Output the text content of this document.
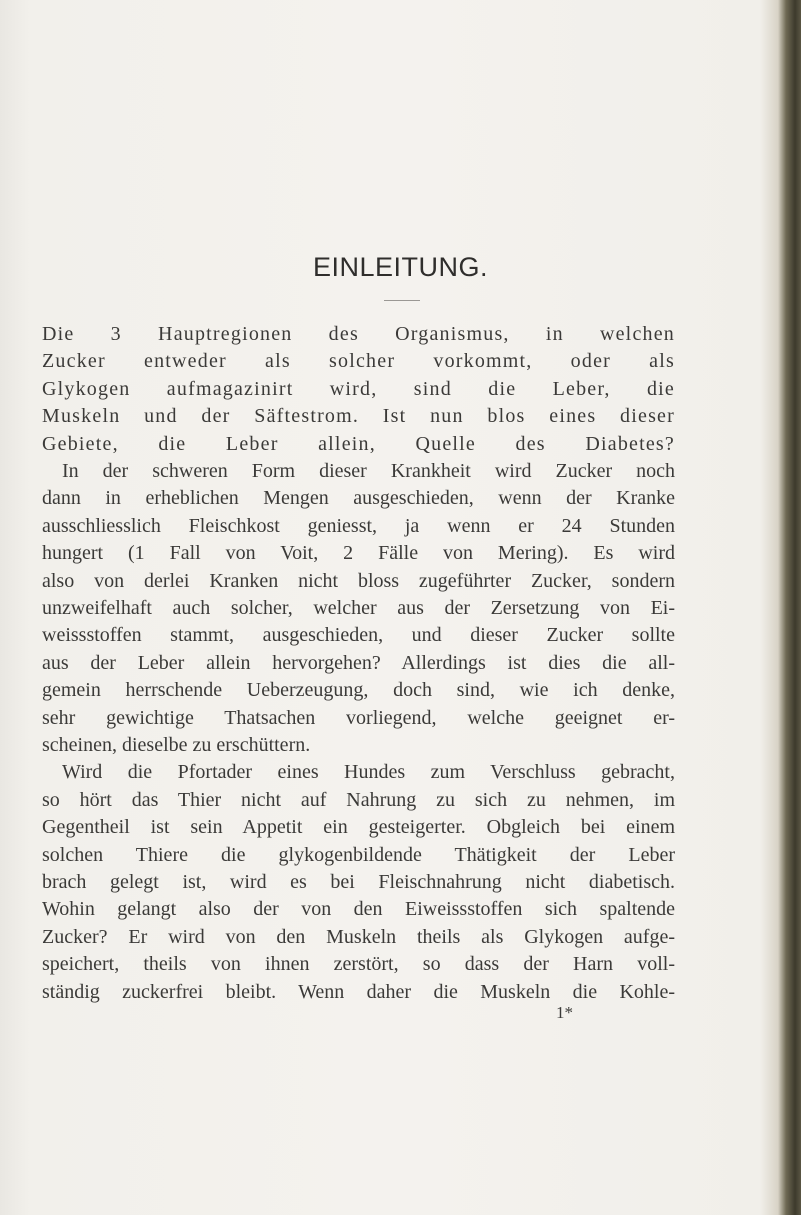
EINLEITUNG.
Die 3 Hauptregionen des Organismus, in welchen
Zucker entweder als solcher vorkommt, oder als
Glykogen aufmagazinirt wird, sind die Leber, die
Muskeln und der Säftestrom. Ist nun blos eines dieser
Gebiete, die Leber allein, Quelle des Diabetes?
In der schweren Form dieser Krankheit wird Zucker noch
dann in erheblichen Mengen ausgeschieden, wenn der Kranke
ausschliesslich Fleischkost geniesst, ja wenn er 24 Stunden
hungert (1 Fall von Voit, 2 Fälle von Mering). Es wird
also von derlei Kranken nicht bloss zugeführter Zucker, sondern
unzweifelhaft auch solcher, welcher aus der Zersetzung von Ei-
weissstoffen stammt, ausgeschieden, und dieser Zucker sollte
aus der Leber allein hervorgehen? Allerdings ist dies die all-
gemein herrschende Ueberzeugung, doch sind, wie ich denke,
sehr gewichtige Thatsachen vorliegend, welche geeignet er-
scheinen, dieselbe zu erschüttern.
Wird die Pfortader eines Hundes zum Verschluss gebracht,
so hört das Thier nicht auf Nahrung zu sich zu nehmen, im
Gegentheil ist sein Appetit ein gesteigerter. Obgleich bei einem
solchen Thiere die glykogenbildende Thätigkeit der Leber
brach gelegt ist, wird es bei Fleischnahrung nicht diabetisch.
Wohin gelangt also der von den Eiweissstoffen sich spaltende
Zucker? Er wird von den Muskeln theils als Glykogen aufge-
speichert, theils von ihnen zerstört, so dass der Harn voll-
ständig zuckerfrei bleibt. Wenn daher die Muskeln die Kohle-
1*
